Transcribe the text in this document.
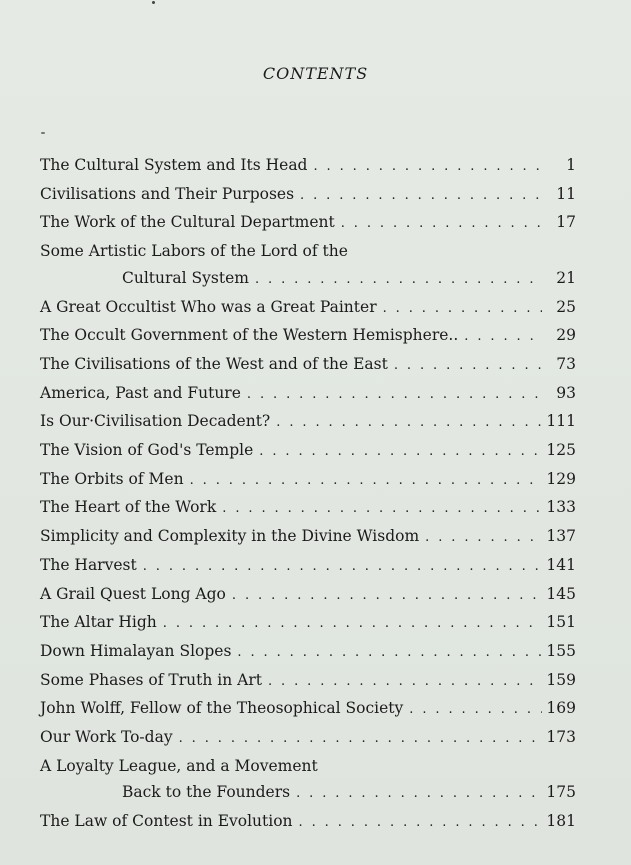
CONTENTS
The Cultural System and Its Head . . .	1
Civilisations and Their Purposes . . .	11
The Work of the Cultural Department . . .	17
Some Artistic Labors of the Lord of the
Cultural System . . .	21
A Great Occultist Who was a Great Painter . . .	25
The Occult Government of the Western Hemisphere.. . . .	29
The Civilisations of the West and of the East . . .	73
America, Past and Future . . .	93
Is Our·Civilisation Decadent? . . .	111
The Vision of God's Temple . . .	125
The Orbits of Men . . .	129
The Heart of the Work . . .	133
Simplicity and Complexity in the Divine Wisdom . . .	137
The Harvest . . .	141
A Grail Quest Long Ago . . .	145
The Altar High . . .	151
Down Himalayan Slopes . . .	155
Some Phases of Truth in Art . . .	159
John Wolff, Fellow of the Theosophical Society . . .	169
Our Work To-day . . .	173
A Loyalty League, and a Movement
Back to the Founders . . .	175
The Law of Contest in Evolution . . .	181
